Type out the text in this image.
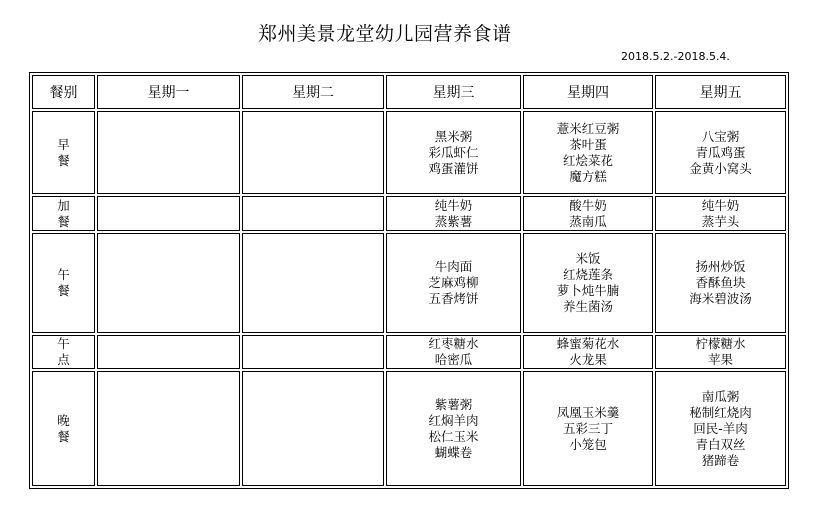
郑州美景龙堂幼儿园营养食谱
2018.5.2.-2018.5.4.
餐别	星期一	星期二	星期三	星期四	星期五

早
餐			黑米粥
彩瓜虾仁
鸡蛋灌饼	薏米红豆粥
茶叶蛋
红烩菜花
魔方糕	八宝粥
青瓜鸡蛋
金黄小窝头

加
餐			纯牛奶
蒸紫薯	酸牛奶
蒸南瓜	纯牛奶
蒸芋头

午
餐			牛肉面
芝麻鸡柳
五香烤饼	米饭
红烧莲条
萝卜炖牛腩
养生菌汤	扬州炒饭
香酥鱼块
海米碧波汤

午
点			红枣糖水
哈密瓜	蜂蜜菊花水
火龙果	柠檬糖水
苹果

晚
餐			紫薯粥
红焖羊肉
松仁玉米
蝴蝶卷	凤凰玉米羹
五彩三丁
小笼包	南瓜粥
秘制红烧肉
回民-羊肉
青白双丝
猪蹄卷
